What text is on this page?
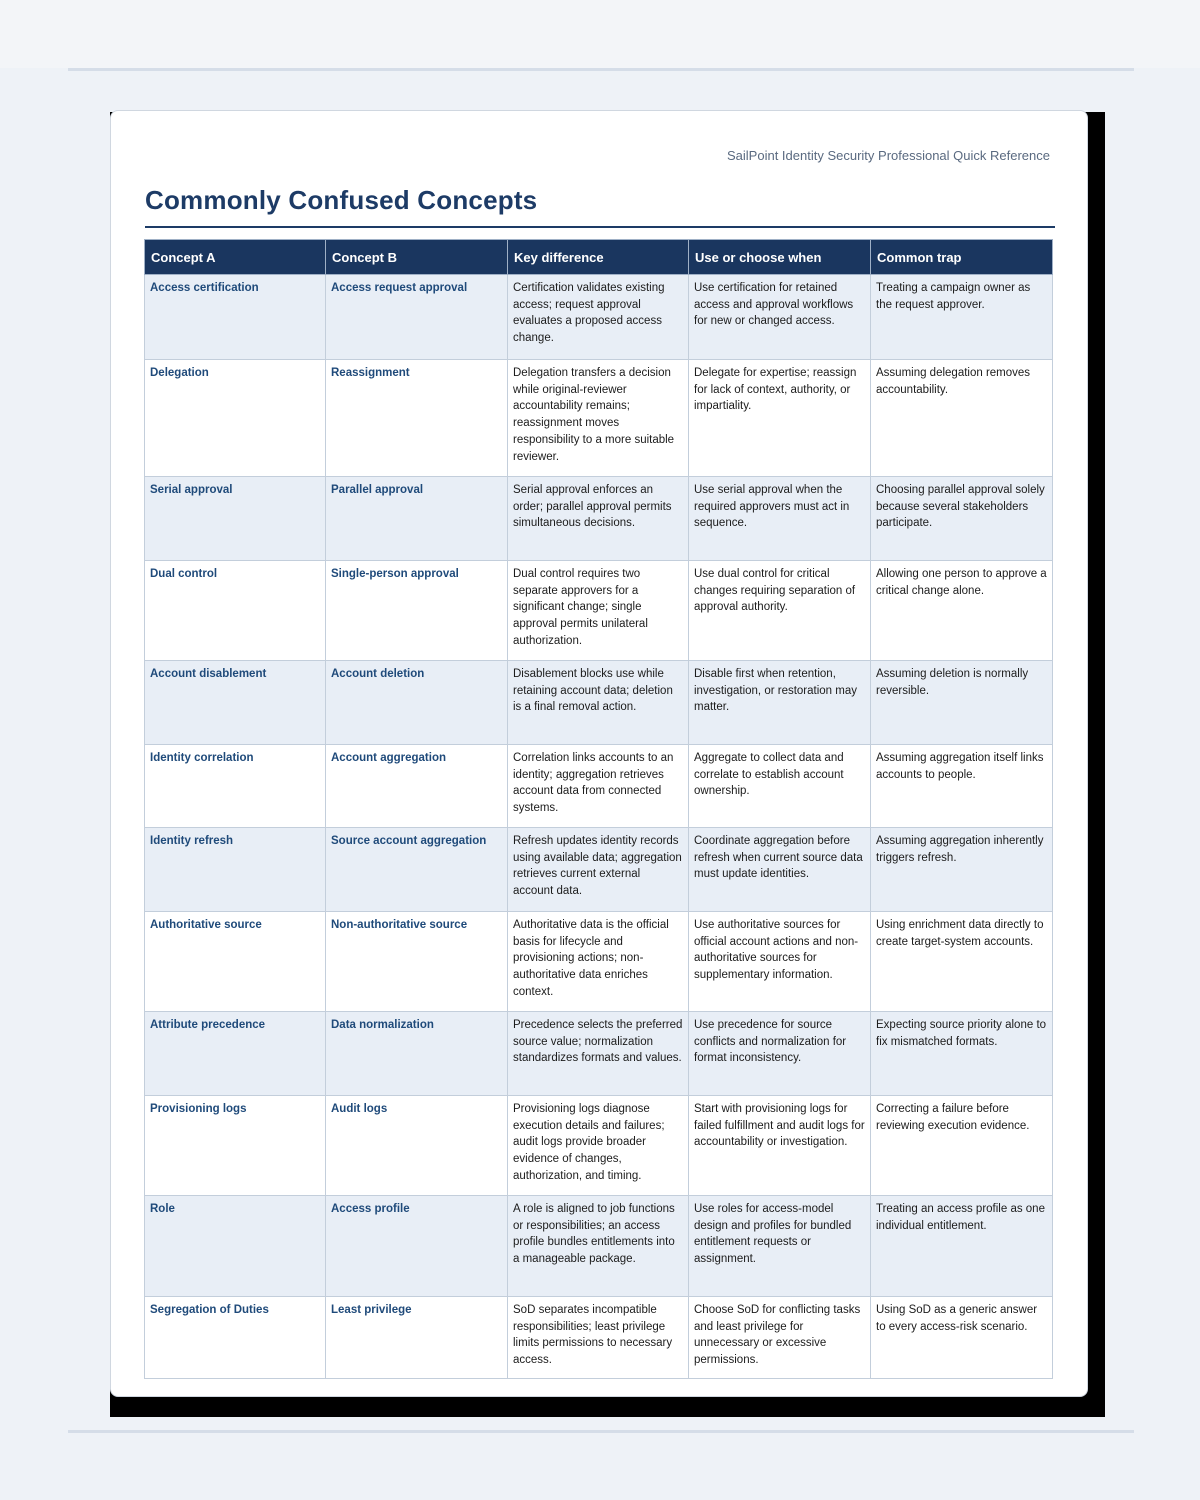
SailPoint Identity Security Professional Quick Reference
Commonly Confused Concepts
Concept A	Concept B	Key difference	Use or choose when	Common trap
Access certification	Access request approval	Certification validates existing access; request approval evaluates a proposed access change.	Use certification for retained access and approval workflows for new or changed access.	Treating a campaign owner as the request approver.
Delegation	Reassignment	Delegation transfers a decision while original-reviewer accountability remains; reassignment moves responsibility to a more suitable reviewer.	Delegate for expertise; reassign for lack of context, authority, or impartiality.	Assuming delegation removes accountability.
Serial approval	Parallel approval	Serial approval enforces an order; parallel approval permits simultaneous decisions.	Use serial approval when the required approvers must act in sequence.	Choosing parallel approval solely because several stakeholders participate.
Dual control	Single-person approval	Dual control requires two separate approvers for a significant change; single approval permits unilateral authorization.	Use dual control for critical changes requiring separation of approval authority.	Allowing one person to approve a critical change alone.
Account disablement	Account deletion	Disablement blocks use while retaining account data; deletion is a final removal action.	Disable first when retention, investigation, or restoration may matter.	Assuming deletion is normally reversible.
Identity correlation	Account aggregation	Correlation links accounts to an identity; aggregation retrieves account data from connected systems.	Aggregate to collect data and correlate to establish account ownership.	Assuming aggregation itself links accounts to people.
Identity refresh	Source account aggregation	Refresh updates identity records using available data; aggregation retrieves current external account data.	Coordinate aggregation before refresh when current source data must update identities.	Assuming aggregation inherently triggers refresh.
Authoritative source	Non-authoritative source	Authoritative data is the official basis for lifecycle and provisioning actions; non-authoritative data enriches context.	Use authoritative sources for official account actions and non-authoritative sources for supplementary information.	Using enrichment data directly to create target-system accounts.
Attribute precedence	Data normalization	Precedence selects the preferred source value; normalization standardizes formats and values.	Use precedence for source conflicts and normalization for format inconsistency.	Expecting source priority alone to fix mismatched formats.
Provisioning logs	Audit logs	Provisioning logs diagnose execution details and failures; audit logs provide broader evidence of changes, authorization, and timing.	Start with provisioning logs for failed fulfillment and audit logs for accountability or investigation.	Correcting a failure before reviewing execution evidence.
Role	Access profile	A role is aligned to job functions or responsibilities; an access profile bundles entitlements into a manageable package.	Use roles for access-model design and profiles for bundled entitlement requests or assignment.	Treating an access profile as one individual entitlement.
Segregation of Duties	Least privilege	SoD separates incompatible responsibilities; least privilege limits permissions to necessary access.	Choose SoD for conflicting tasks and least privilege for unnecessary or excessive permissions.	Using SoD as a generic answer to every access-risk scenario.
